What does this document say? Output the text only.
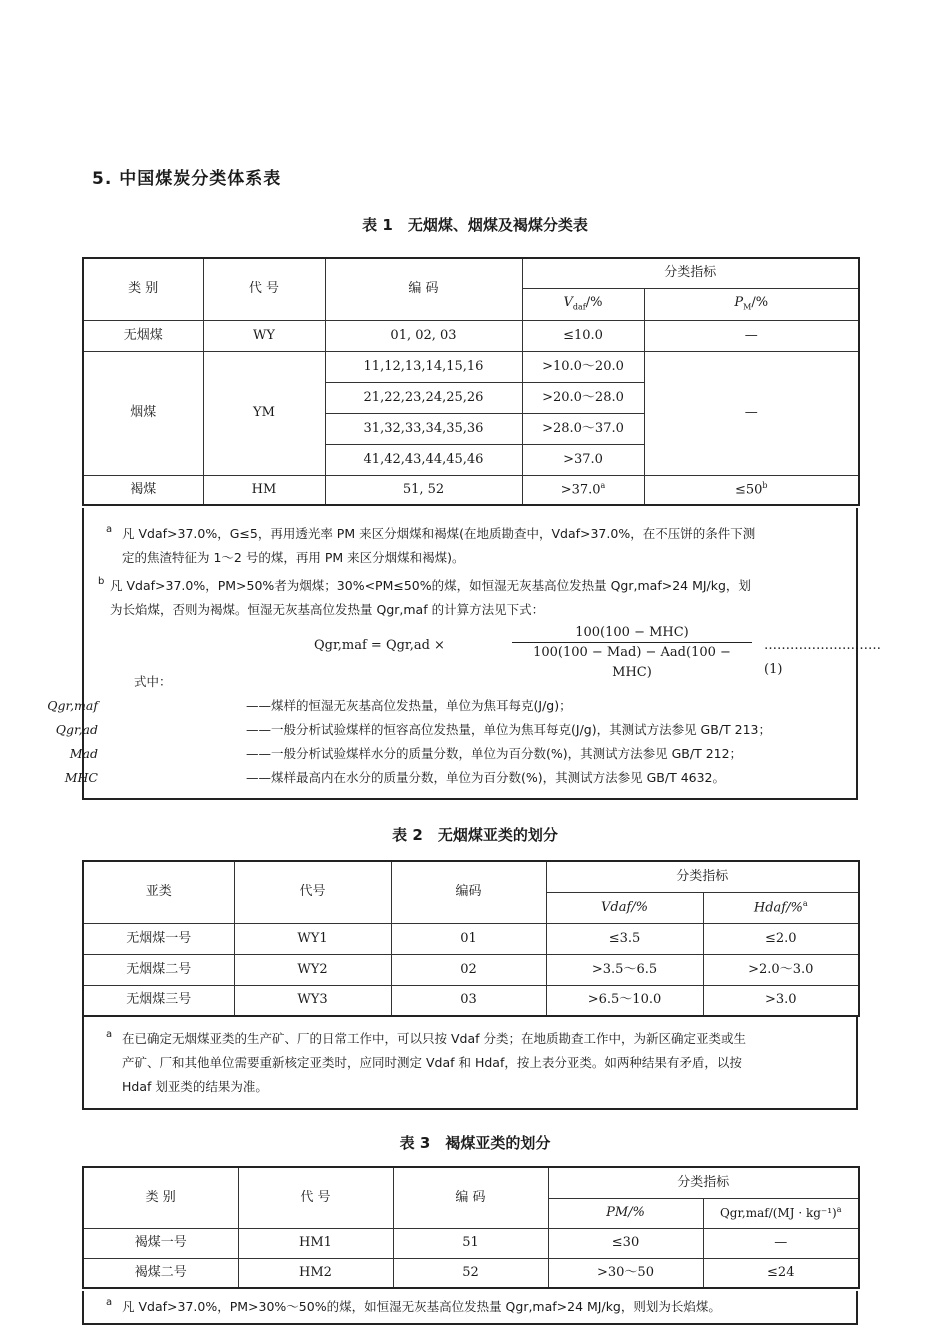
5. 中国煤炭分类体系表
表 1　无烟煤、烟煤及褐煤分类表
类 别	代 号	编 码	分类指标	
			$V_{daf}/\%$	$P_M/\%$
无烟煤	WY	01, 02, 03	≤10.0	—
烟煤	YM	11,12,13,14,15,16	>10.0～20.0	—
		21,22,23,24,25,26	>20.0～28.0	
		31,32,33,34,35,36	>28.0～37.0	
		41,42,43,44,45,46	>37.0	
褐煤	HM	51, 52	>37.0$^a$	$\le 50^b$
a 凡 Vdaf>37.0%，G≤5，再用透光率 PM 来区分烟煤和褐煤(在地质勘查中，Vdaf>37.0%，在不压饼的条件下测
定的焦渣特征为 1～2 号的煤，再用 PM 来区分烟煤和褐煤)。
b 凡 Vdaf>37.0%，PM>50%者为烟煤；30%<PM≤50%的煤，如恒湿无灰基高位发热量 Qgr,maf>24 MJ/kg，划
为长焰煤，否则为褐煤。恒湿无灰基高位发热量 Qgr,maf 的计算方法见下式：
Qgr,maf = Qgr,ad ×
100(100 − MHC)
100(100 − Mad) − Aad(100 − MHC)
………………………(1)
式中：
Qgr,maf	——煤样的恒湿无灰基高位发热量，单位为焦耳每克(J/g)；
Qgr,ad	——一般分析试验煤样的恒容高位发热量，单位为焦耳每克(J/g)，其测试方法参见 GB/T 213；
Mad	——一般分析试验煤样水分的质量分数，单位为百分数(%)，其测试方法参见 GB/T 212；
MHC	——煤样最高内在水分的质量分数，单位为百分数(%)，其测试方法参见 GB/T 4632。
表 2　无烟煤亚类的划分
亚类	代号	编码	分类指标	
			Vdaf/%	Hdaf/%$^a$
无烟煤一号	WY1	01	≤3.5	≤2.0
无烟煤二号	WY2	02	>3.5～6.5	>2.0～3.0
无烟煤三号	WY3	03	>6.5～10.0	>3.0
a 在已确定无烟煤亚类的生产矿、厂的日常工作中，可以只按 Vdaf 分类；在地质勘查工作中，为新区确定亚类或生
产矿、厂和其他单位需要重新核定亚类时，应同时测定 Vdaf 和 Hdaf，按上表分亚类。如两种结果有矛盾，以按
Hdaf 划亚类的结果为准。
表 3　褐煤亚类的划分
类 别	代 号	编 码	分类指标	
			PM/%	Qgr,maf/(MJ · kg⁻¹)$^a$
褐煤一号	HM1	51	≤30	—
褐煤二号	HM2	52	>30～50	≤24
a 凡 Vdaf>37.0%，PM>30%～50%的煤，如恒湿无灰基高位发热量 Qgr,maf>24 MJ/kg，则划为长焰煤。
